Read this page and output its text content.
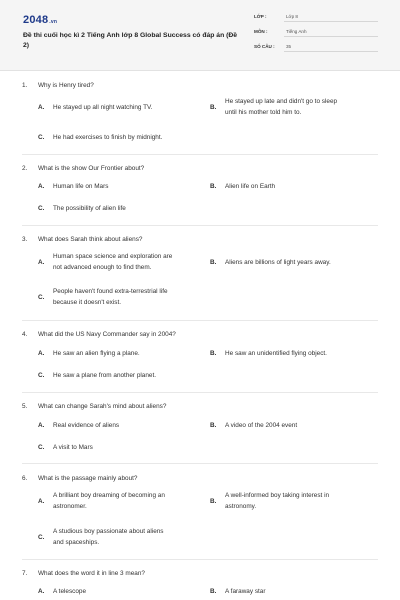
2048.vn
Đề thi cuối học kì 2 Tiếng Anh lớp 8 Global Success có đáp án (Đề 2)
LỚP :	Lớp 8
MÔN :	Tiếng Anh
SỐ CÂU :	35
1. Why is Henry tired?
A. He stayed up all night watching TV.	B.
He stayed up late and didn't go to sleep
until his mother told him to.
C. He had exercises to finish by midnight.
2. What is the show Our Frontier about?
A. Human life on Mars	B. Alien life on Earth
C. The possibility of alien life
3. What does Sarah think about aliens?
A.
Human space science and exploration are
not advanced enough to find them.
B. Aliens are billions of light years away.
C.
People haven't found extra-terrestrial life
because it doesn't exist.
4. What did the US Navy Commander say in 2004?
A. He saw an alien flying a plane.	B. He saw an unidentified flying object.
C. He saw a plane from another planet.
5. What can change Sarah's mind about aliens?
A. Real evidence of aliens	B. A video of the 2004 event
C. A visit to Mars
6. What is the passage mainly about?
A.
A brilliant boy dreaming of becoming an
astronomer.
B.
A well-informed boy taking interest in
astronomy.
C.
A studious boy passionate about aliens
and spaceships.
7. What does the word it in line 3 mean?
A. A telescope	B. A faraway star
